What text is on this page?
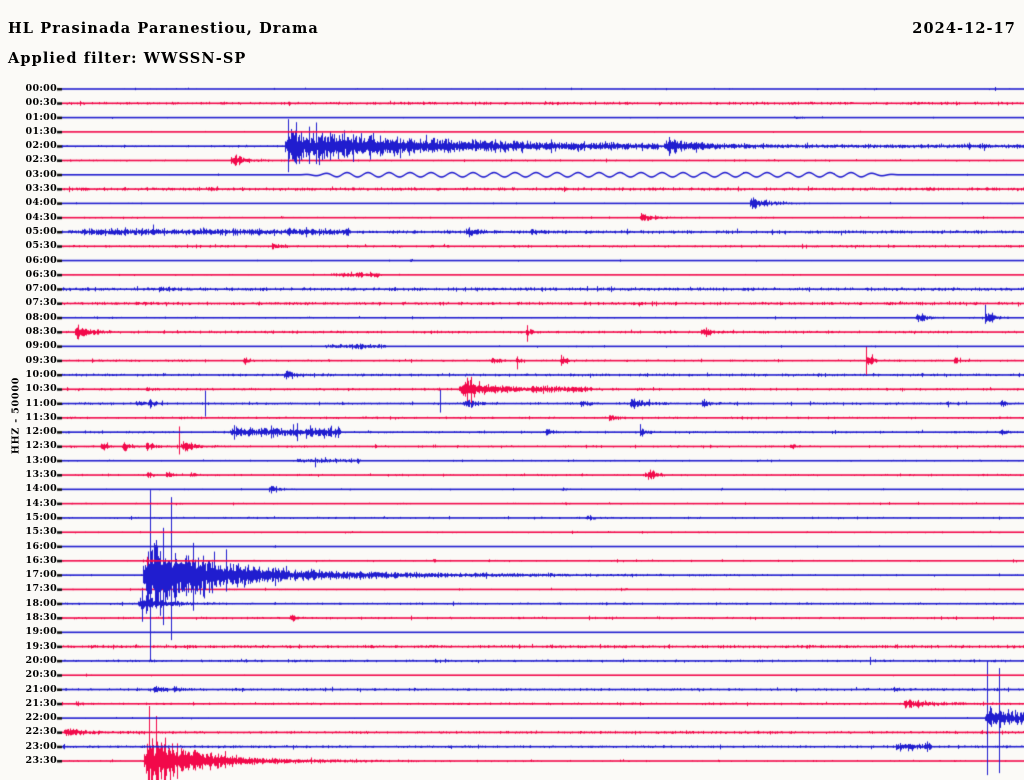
HL Prasinada Paranestiou, Drama
Applied filter: WWSSN-SP
2024-12-17
HHZ - 50000
00:00
00:30
01:00
01:30
02:00
02:30
03:00
03:30
04:00
04:30
05:00
05:30
06:00
06:30
07:00
07:30
08:00
08:30
09:00
09:30
10:00
10:30
11:00
11:30
12:00
12:30
13:00
13:30
14:00
14:30
15:00
15:30
16:00
16:30
17:00
17:30
18:00
18:30
19:00
19:30
20:00
20:30
21:00
21:30
22:00
22:30
23:00
23:30
